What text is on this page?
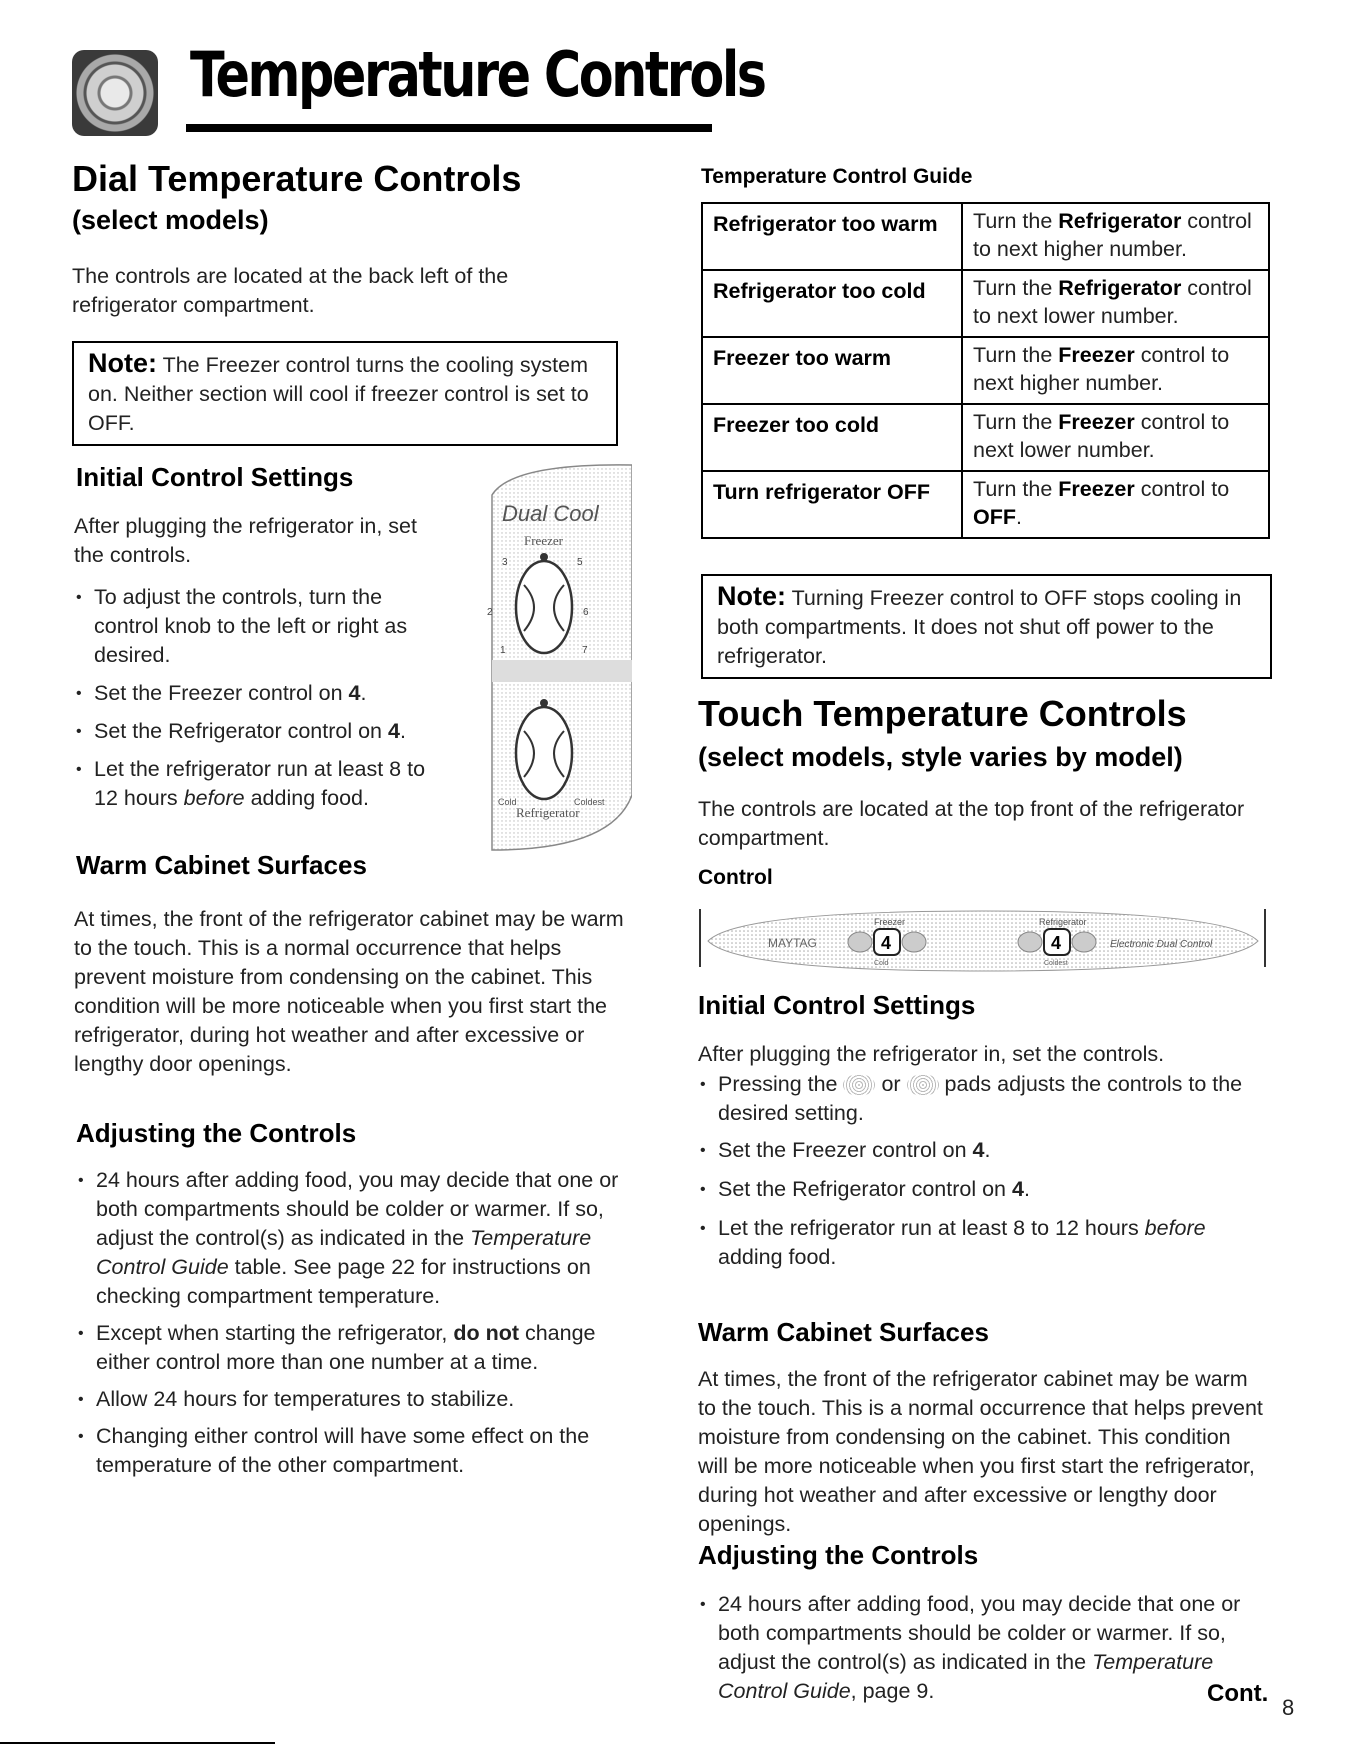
Temperature Controls
Dial Temperature Controls
(select models)

The controls are located at the back left of the refrigerator compartment.

Note: The Freezer control turns the cooling system on. Neither section will cool if freezer control is set to OFF.
Initial Control Settings

After plugging the refrigerator in, set the controls.

• To adjust the controls, turn the control knob to the left or right as desired.
• Set the Freezer control on 4.
• Set the Refrigerator control on 4.
• Let the refrigerator run at least 8 to 12 hours before adding food.
Dual Cool
Freezer
2	6
3	5
1	7
Cold	Coldest
Refrigerator
Warm Cabinet Surfaces

At times, the front of the refrigerator cabinet may be warm to the touch. This is a normal occurrence that helps prevent moisture from condensing on the cabinet. This condition will be more noticeable when you first start the refrigerator, during hot weather and after excessive or lengthy door openings.

Adjusting the Controls
• 24 hours after adding food, you may decide that one or both compartments should be colder or warmer. If so, adjust the control(s) as indicated in the Temperature Control Guide table. See page 22 for instructions on checking compartment temperature.
• Except when starting the refrigerator, do not change either control more than one number at a time.
• Allow 24 hours for temperatures to stabilize.
• Changing either control will have some effect on the temperature of the other compartment.
Temperature Control Guide
Refrigerator too warm	Turn the Refrigerator control to next higher number.
Refrigerator too cold	Turn the Refrigerator control to next lower number.
Freezer too warm	Turn the Freezer control to next higher number.
Freezer too cold	Turn the Freezer control to next lower number.
Turn refrigerator OFF	Turn the Freezer control to OFF.
Note: Turning Freezer control to OFF stops cooling in both compartments. It does not shut off power to the refrigerator.
Touch Temperature Controls
(select models, style varies by model)

The controls are located at the top front of the refrigerator compartment.

Control
MAYTAG
Freezer
4
Refrigerator
4	Electronic Dual Control
Cold	Coldest
Initial Control Settings

After plugging the refrigerator in, set the controls.

• Pressing the  or  pads adjusts the controls to the desired setting.
• Set the Freezer control on 4.
• Set the Refrigerator control on 4.
• Let the refrigerator run at least 8 to 12 hours before adding food.
Warm Cabinet Surfaces

At times, the front of the refrigerator cabinet may be warm to the touch. This is a normal occurrence that helps prevent moisture from condensing on the cabinet. This condition will be more noticeable when you first start the refrigerator, during hot weather and after excessive or lengthy door openings.

Adjusting the Controls
• 24 hours after adding food, you may decide that one or both compartments should be colder or warmer. If so, adjust the control(s) as indicated in the Temperature Control Guide, page 9.	Cont.
8
